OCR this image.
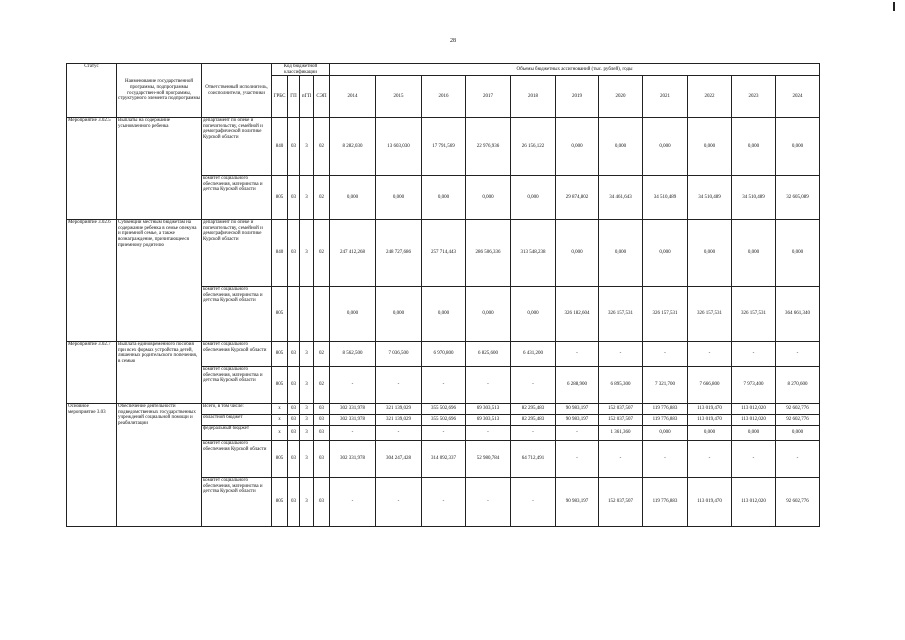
28
Статус	Наименование государственной программы, подпрограммы государствен-ной программы, структурного элемента подпрограммы	Ответственный исполнитель, соисполнители, участники	Код бюджетной классификации				Объемы бюджетных ассигнований (тыс. рублей), годы										
			ГРБС	ГП	пГП	СЭП	2014	2015	2016	2017	2018	2019	2020	2021	2022	2023	2024
Мероприятие 3.02.5	Выплаты на содержание усыновленного ребенка	департамент по опеке и попечительству, семейной и демографической политике Курской области	840	03	3	02	8 282,030	13 603,030	17 791,569	22 976,936	26 156,122	0,000	0,000	0,000	0,000	0,000	0,000
		комитет социального обеспечения, материнства и детства Курской области	805	03	3	02	0,000	0,000	0,000	0,000	0,000	29 874,802	34 461,643	34 510,489	34 510,489	34 510,489	32 605,089
Мероприятие 3.02.6	Субвенции местным бюджетам на содержание ребенка в семье опекуна и приемной семье, а также вознаграждение, причитающееся приемному родителю	департамент по опеке и попечительству, семейной и демографической политике Курской области	840	03	3	02	247 412,268	248 727,686	257 714,443	286 506,336	313 548,238	0,000	0,000	0,000	0,000	0,000	0,000
		комитет социального обеспечения, материнства и детства Курской области	805				0,000	0,000	0,000	0,000	0,000	326 182,604	326 157,531	326 157,531	326 157,531	326 157,531	364 661,340
Мероприятие 3.02.7	Выплата единовременного пособия при всех формах устройства детей, лишенных родительского попечения, в семью	комитет социального обеспечения Курской области	805	03	3	02	8 562,500	7 036,500	6 970,800	6 825,600	6 431,200	-	-	-	-	-	-
		комитет социального обеспечения, материнства и детства Курской области	805	03	3	02	-	-	-	-	-	6 288,900	6 895,300	7 321,700	7 666,800	7 973,400	8 270,600
Основное мероприятие 3.03	Обеспечение деятельности подведомственных государственных учреждений социальной помощи и реабилитации	Всего, в том числе:	х	03	3	03	302 331,978	321 139,029	355 502,696	69 303,513	82 295,483	90 983,197	152 037,507	119 776,883	113 019,470	113 012,020	92 602,776
		областной бюджет	х	03	3	03	302 331,978	321 139,029	355 502,696	69 303,513	82 295,483	90 983,197	152 037,507	119 776,883	113 019,470	113 012,020	92 602,776
		федеральный бюджет	х	03	3	03	-	-	-	-	-	-	1 361,360	0,000	0,000	0,000	0,000
		комитет социального обеспечения Курской области	805	03	3	03	302 331,978	304 247,428	314 092,337	52 980,784	64 712,491	-	-	-	-	-	-
		комитет социального обеспечения, материнства и детства Курской области	805	03	3	03	-	-	-	-	-	90 983,197	152 037,507	119 776,883	113 019,470	113 012,020	92 602,776
